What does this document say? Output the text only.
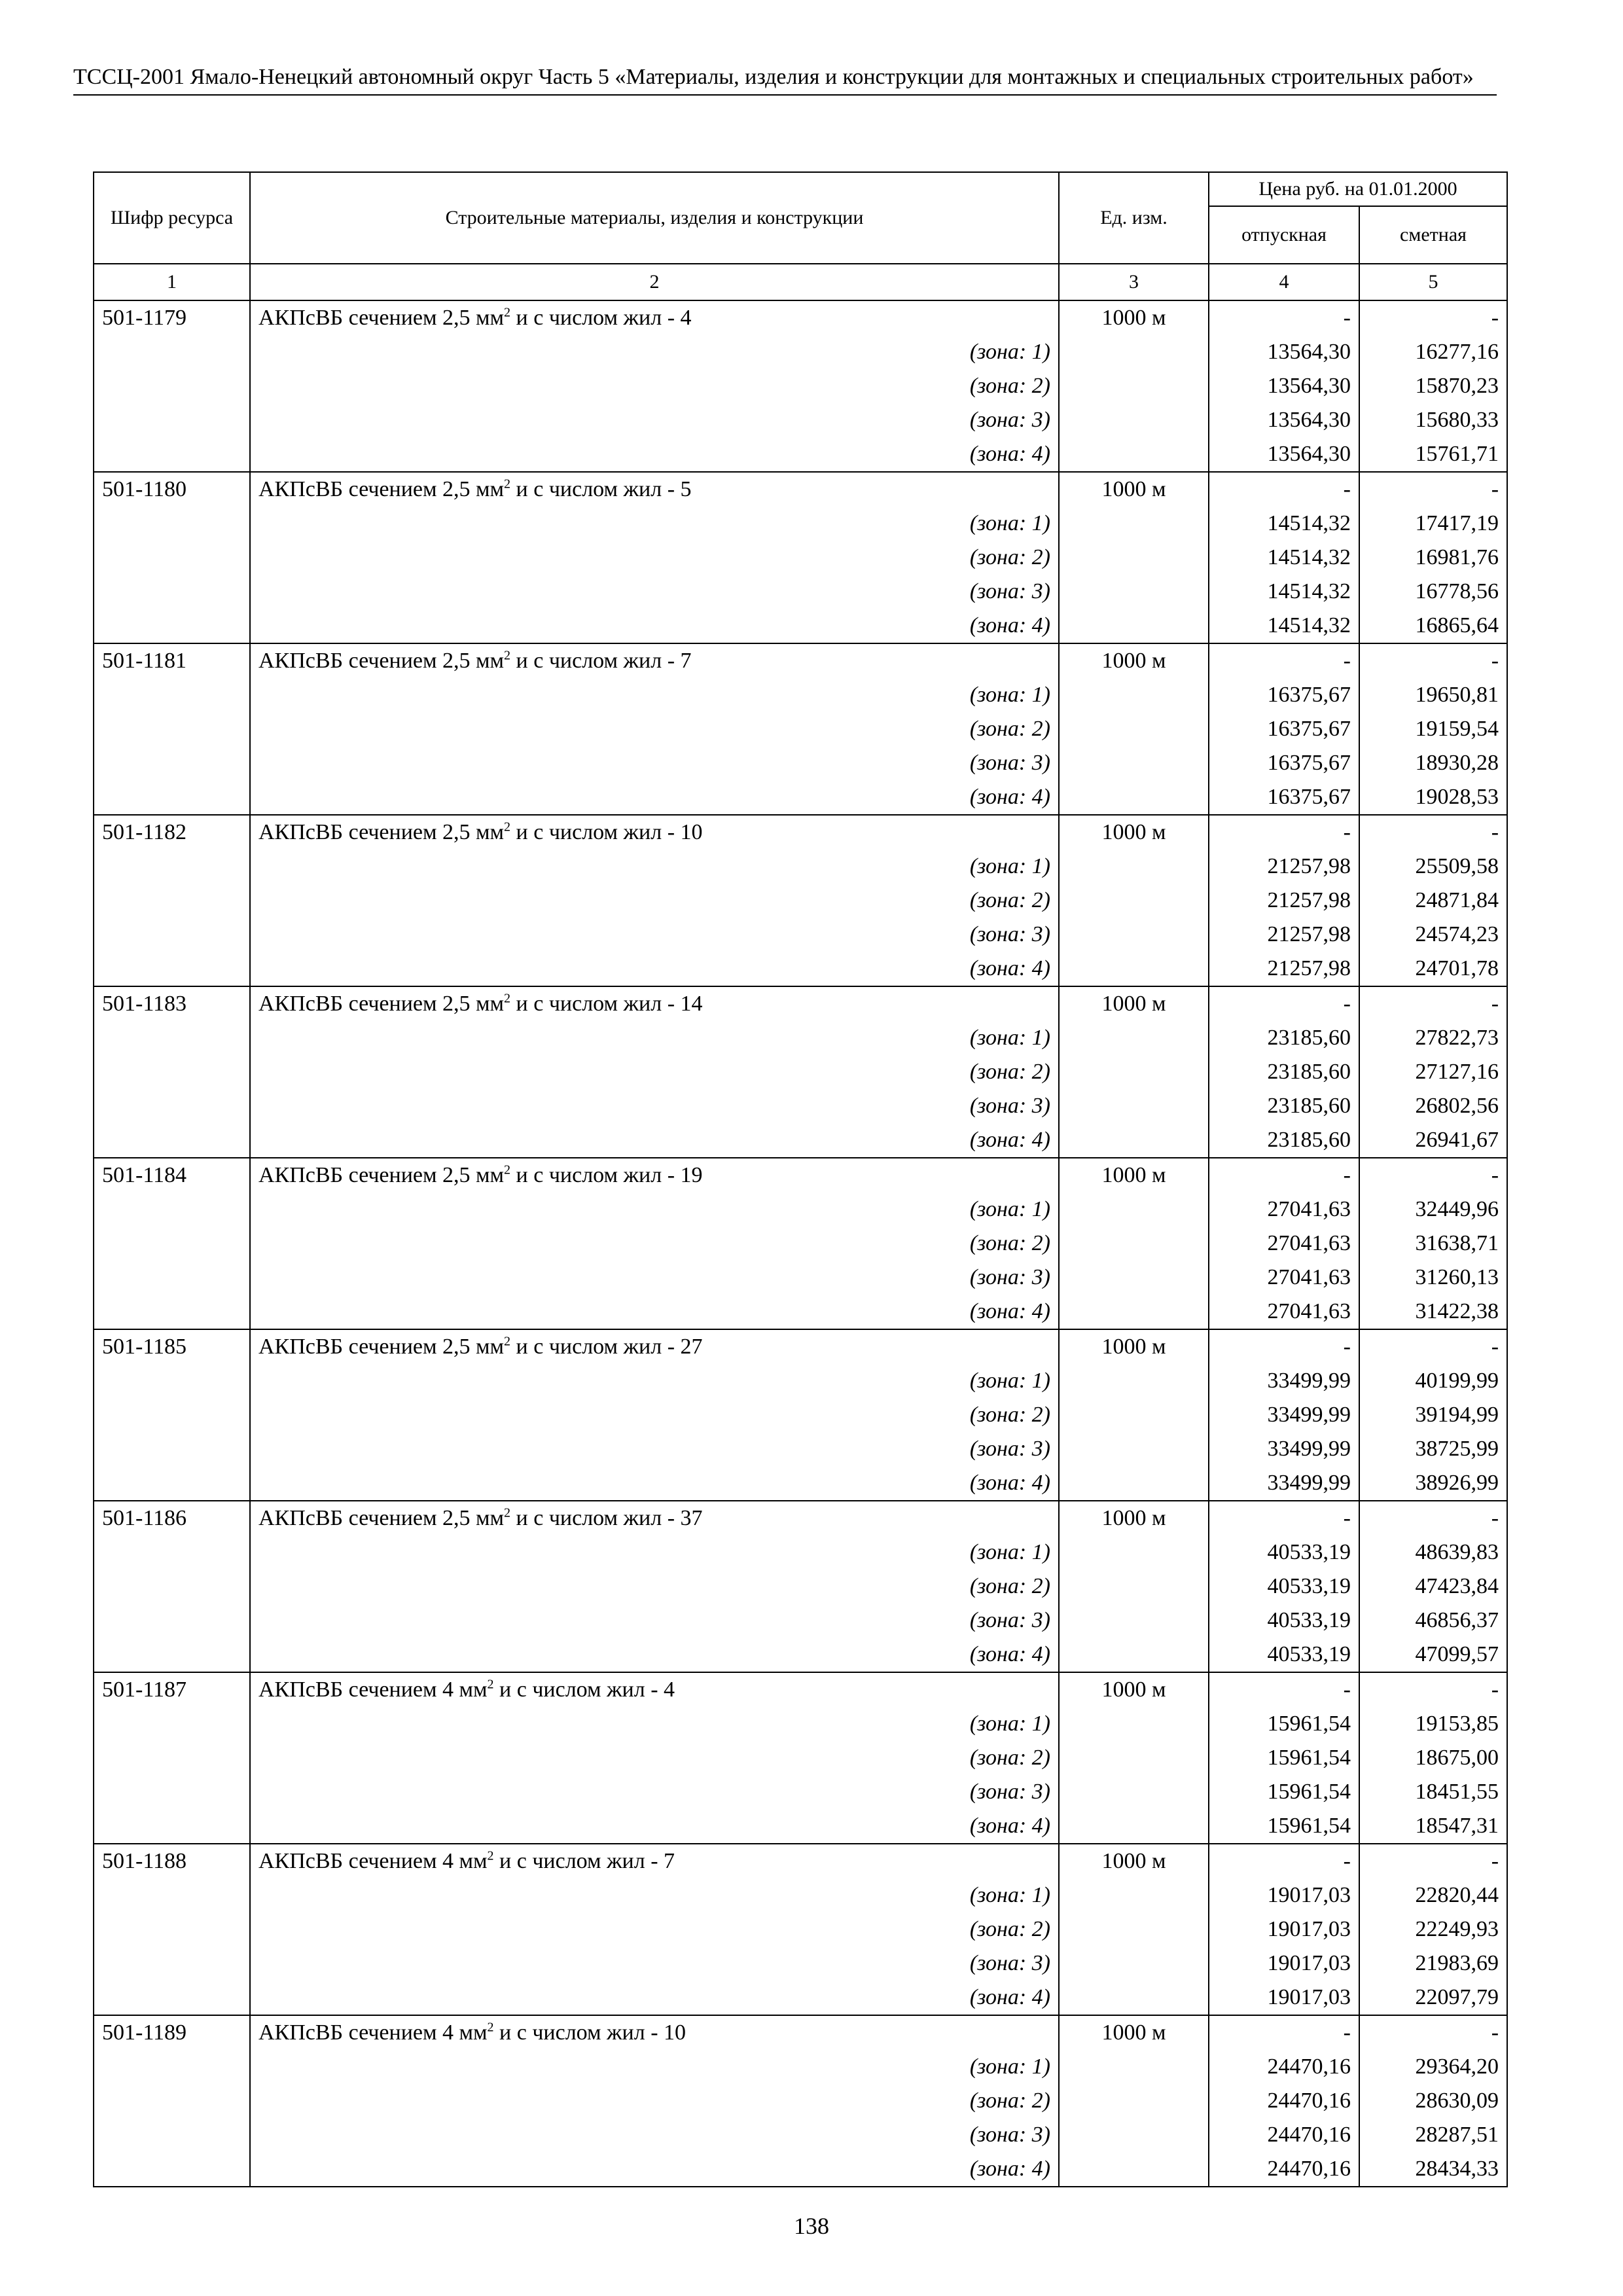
ТССЦ-2001 Ямало-Ненецкий автономный округ Часть 5 «Материалы, изделия и конструкции для монтажных и специальных строительных работ»
Шифр ресурса	Строительные материалы, изделия и конструкции	Ед. изм.	Цена руб. на 01.01.2000	
			отпускная	сметная
1	2	3	4	5
501-1179	АКПсВБ сечением 2,5 $мм^2$ и с числом жил - 4	1000 м	-	-
	(зона: 1)		13564,30	16277,16
	(зона: 2)		13564,30	15870,23
	(зона: 3)		13564,30	15680,33
	(зона: 4)		13564,30	15761,71
501-1180	АКПсВБ сечением 2,5 $мм^2$ и с числом жил - 5	1000 м	-	-
	(зона: 1)		14514,32	17417,19
	(зона: 2)		14514,32	16981,76
	(зона: 3)		14514,32	16778,56
	(зона: 4)		14514,32	16865,64
501-1181	АКПсВБ сечением 2,5 $мм^2$ и с числом жил - 7	1000 м	-	-
	(зона: 1)		16375,67	19650,81
	(зона: 2)		16375,67	19159,54
	(зона: 3)		16375,67	18930,28
	(зона: 4)		16375,67	19028,53
501-1182	АКПсВБ сечением 2,5 $мм^2$ и с числом жил - 10	1000 м	-	-
	(зона: 1)		21257,98	25509,58
	(зона: 2)		21257,98	24871,84
	(зона: 3)		21257,98	24574,23
	(зона: 4)		21257,98	24701,78
501-1183	АКПсВБ сечением 2,5 $мм^2$ и с числом жил - 14	1000 м	-	-
	(зона: 1)		23185,60	27822,73
	(зона: 2)		23185,60	27127,16
	(зона: 3)		23185,60	26802,56
	(зона: 4)		23185,60	26941,67
501-1184	АКПсВБ сечением 2,5 $мм^2$ и с числом жил - 19	1000 м	-	-
	(зона: 1)		27041,63	32449,96
	(зона: 2)		27041,63	31638,71
	(зона: 3)		27041,63	31260,13
	(зона: 4)		27041,63	31422,38
501-1185	АКПсВБ сечением 2,5 $мм^2$ и с числом жил - 27	1000 м	-	-
	(зона: 1)		33499,99	40199,99
	(зона: 2)		33499,99	39194,99
	(зона: 3)		33499,99	38725,99
	(зона: 4)		33499,99	38926,99
501-1186	АКПсВБ сечением 2,5 $мм^2$ и с числом жил - 37	1000 м	-	-
	(зона: 1)		40533,19	48639,83
	(зона: 2)		40533,19	47423,84
	(зона: 3)		40533,19	46856,37
	(зона: 4)		40533,19	47099,57
501-1187	АКПсВБ сечением 4 $мм^2$ и с числом жил - 4	1000 м	-	-
	(зона: 1)		15961,54	19153,85
	(зона: 2)		15961,54	18675,00
	(зона: 3)		15961,54	18451,55
	(зона: 4)		15961,54	18547,31
501-1188	АКПсВБ сечением 4 $мм^2$ и с числом жил - 7	1000 м	-	-
	(зона: 1)		19017,03	22820,44
	(зона: 2)		19017,03	22249,93
	(зона: 3)		19017,03	21983,69
	(зона: 4)		19017,03	22097,79
501-1189	АКПсВБ сечением 4 $мм^2$ и с числом жил - 10	1000 м	-	-
	(зона: 1)		24470,16	29364,20
	(зона: 2)		24470,16	28630,09
	(зона: 3)		24470,16	28287,51
	(зона: 4)		24470,16	28434,33
138
